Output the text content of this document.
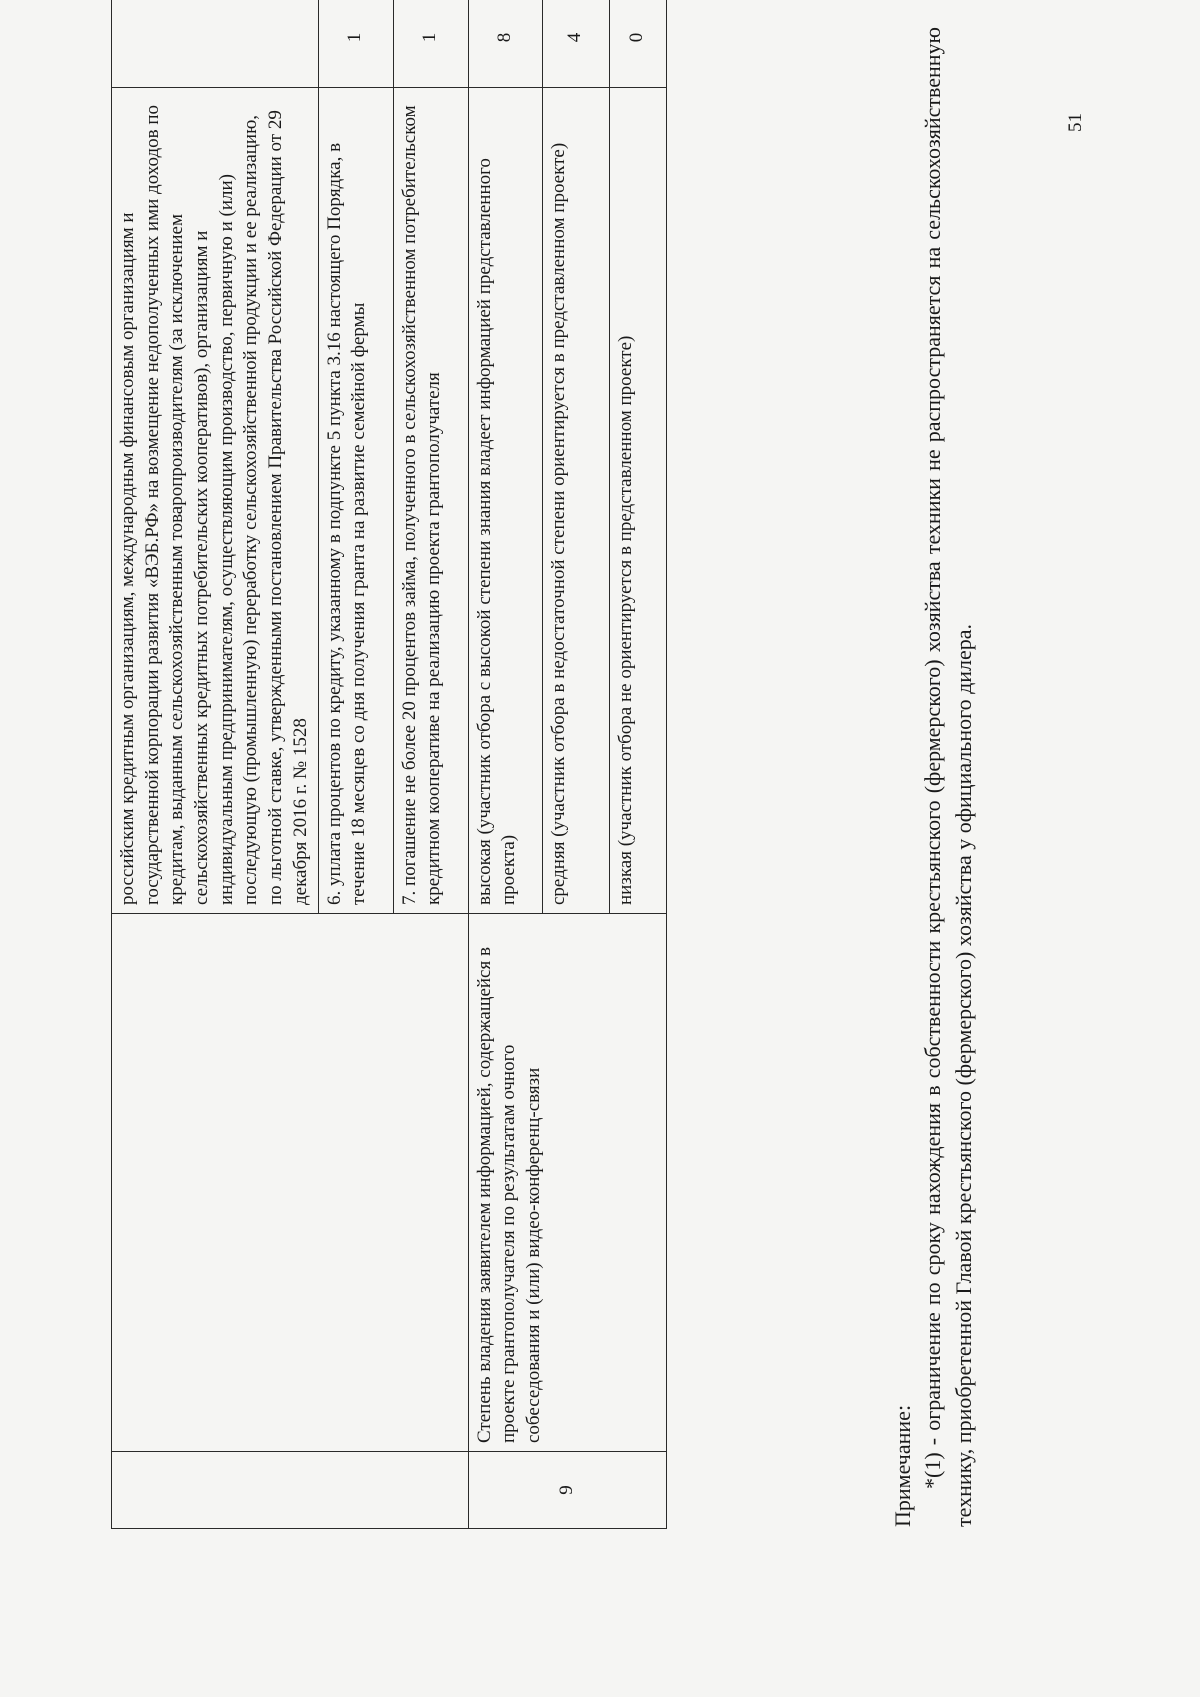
		российским кредитным организациям, международным финансовым организациям и государственной корпорации развития «ВЭБ.РФ» на возмещение недополученных ими доходов по кредитам, выданным сельскохозяйственным товаропроизводителям (за исключением сельскохозяйственных кредитных потребительских кооперативов), организациям и индивидуальным предпринимателям, осуществляющим производство, первичную и (или) последующую (промышленную) переработку сельскохозяйственной продукции и ее реализацию, по льготной ставке, утвержденными постановлением Правительства Российской Федерации от 29 декабря 2016 г. № 1528	
		6. уплата процентов по кредиту, указанному в подпункте 5 пункта 3.16 настоящего Порядка, в течение 18 месяцев со дня получения гранта на развитие семейной фермы	1
		7. погашение не более 20 процентов займа, полученного в сельскохозяйственном потребительском кредитном кооперативе на реализацию проекта грантополучателя	1
9	Степень владения заявителем информацией, содержащейся в проекте грантополучателя по результатам очного собеседования и (или) видео-конференц-связи	высокая (участник отбора с высокой степени знания владеет информацией представленного проекта)	8
		средняя (участник отбора в недостаточной степени ориентируется в представленном проекте)	4
		низкая (участник отбора не ориентируется в представленном проекте)	0
Примечание: *(1) - ограничение по сроку нахождения в собственности крестьянского (фермерского) хозяйства техники не распространяется на сельскохозяйственную технику, приобретенной Главой крестьянского (фермерского) хозяйства у официального дилера.
51
